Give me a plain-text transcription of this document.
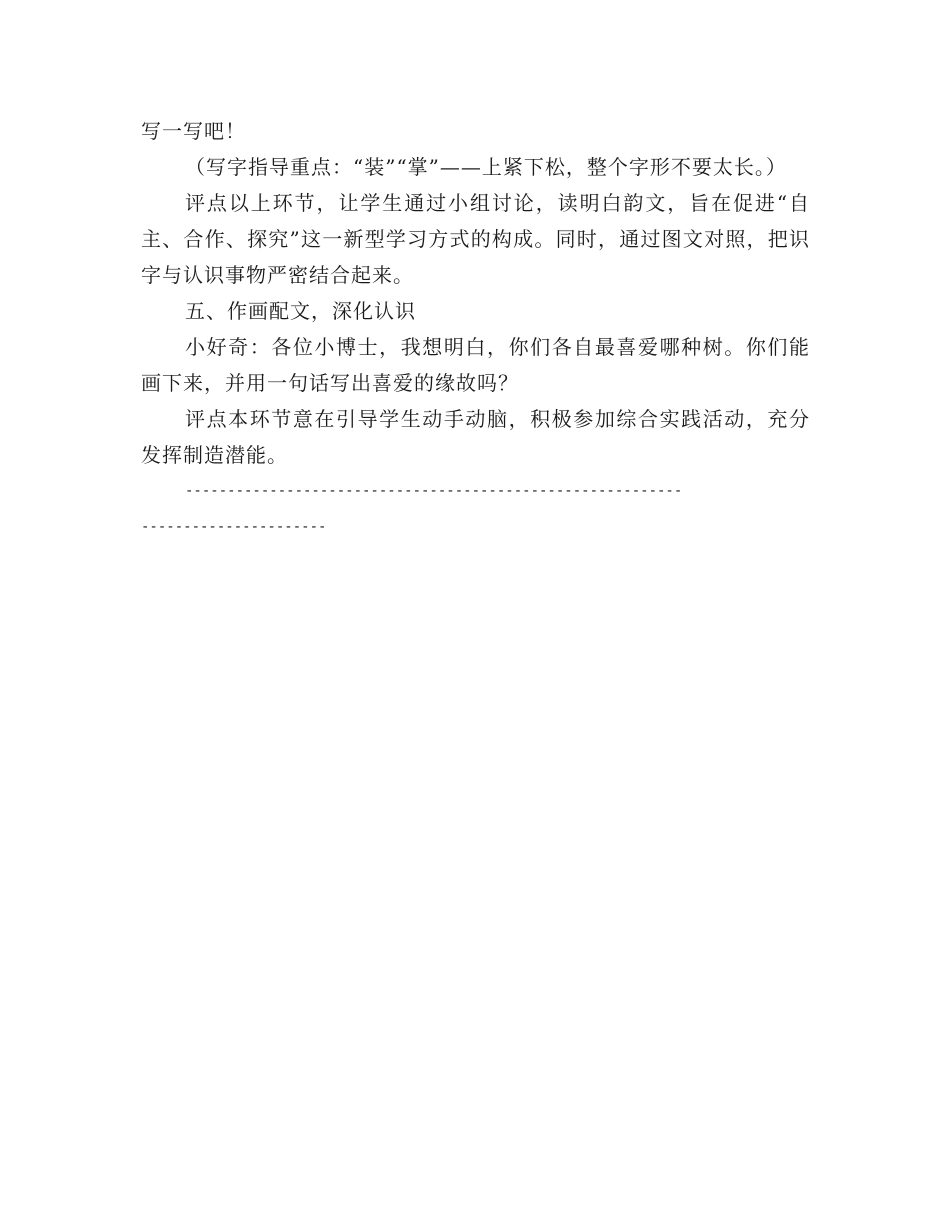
写一写吧！

（写字指导重点：“装”“掌”——上紧下松，整个字形不要太长。）

评点以上环节，让学生通过小组讨论，读明白韵文，旨在促进“自主、合作、探究”这一新型学习方式的构成。同时，通过图文对照，把识字与认识事物严密结合起来。

五、作画配文，深化认识

小好奇：各位小博士，我想明白，你们各自最喜爱哪种树。你们能画下来，并用一句话写出喜爱的缘故吗？

评点本环节意在引导学生动手动脑，积极参加综合实践活动，充分发挥制造潜能。

-----------------------------------------------------------

----------------------
